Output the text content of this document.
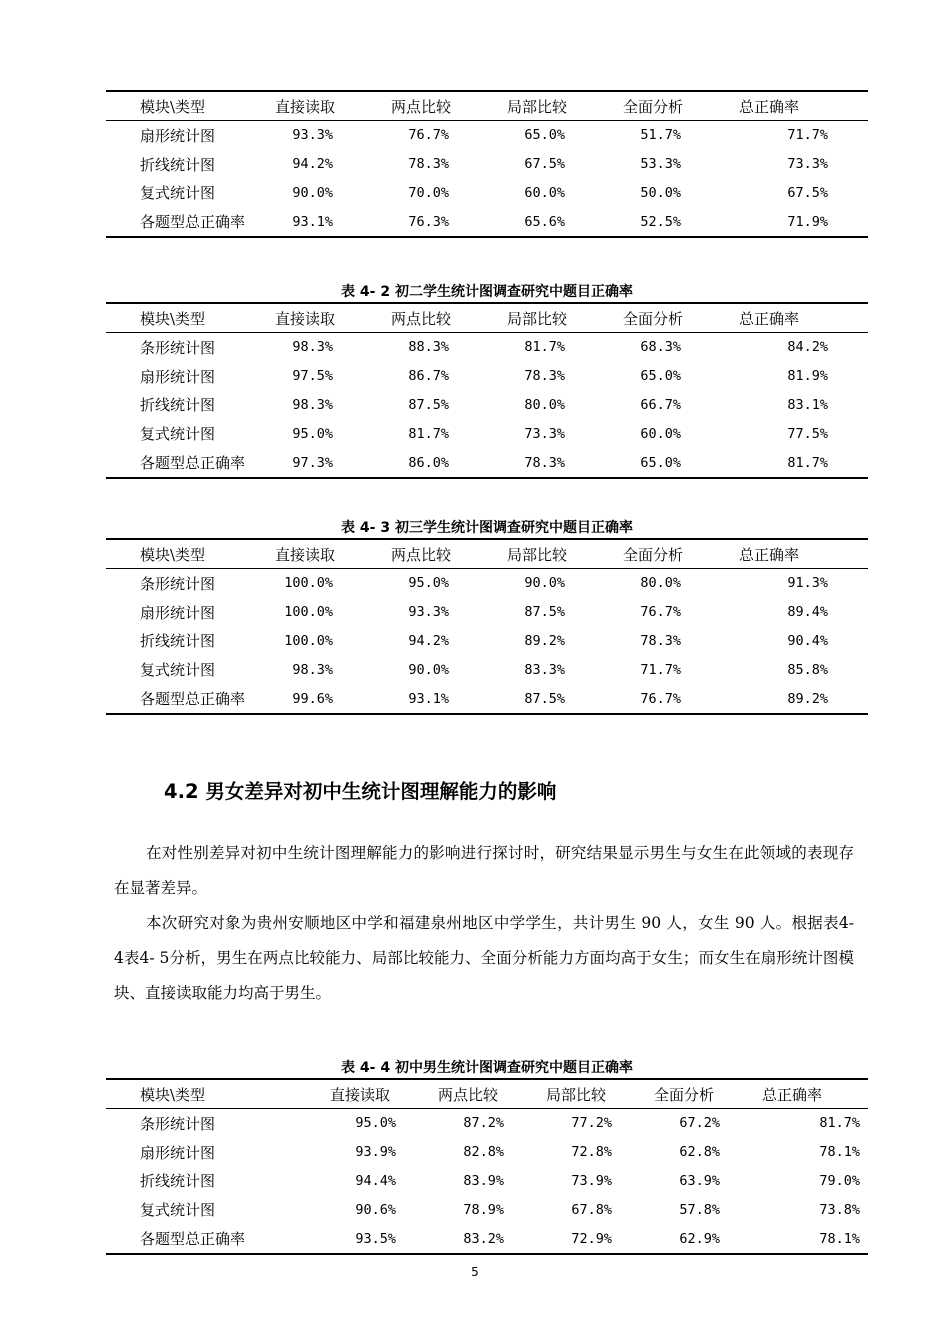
模块\类型	直接读取	两点比较	局部比较	全面分析	总正确率
扇形统计图	93.3%	76.7%	65.0%	51.7%	71.7%
折线统计图	94.2%	78.3%	67.5%	53.3%	73.3%
复式统计图	90.0%	70.0%	60.0%	50.0%	67.5%
各题型总正确率	93.1%	76.3%	65.6%	52.5%	71.9%
表 4- 2 初二学生统计图调查研究中题目正确率
模块\类型	直接读取	两点比较	局部比较	全面分析	总正确率
条形统计图	98.3%	88.3%	81.7%	68.3%	84.2%
扇形统计图	97.5%	86.7%	78.3%	65.0%	81.9%
折线统计图	98.3%	87.5%	80.0%	66.7%	83.1%
复式统计图	95.0%	81.7%	73.3%	60.0%	77.5%
各题型总正确率	97.3%	86.0%	78.3%	65.0%	81.7%
表 4- 3 初三学生统计图调查研究中题目正确率
模块\类型	直接读取	两点比较	局部比较	全面分析	总正确率
条形统计图	100.0%	95.0%	90.0%	80.0%	91.3%
扇形统计图	100.0%	93.3%	87.5%	76.7%	89.4%
折线统计图	100.0%	94.2%	89.2%	78.3%	90.4%
复式统计图	98.3%	90.0%	83.3%	71.7%	85.8%
各题型总正确率	99.6%	93.1%	87.5%	76.7%	89.2%
4.2 男女差异对初中生统计图理解能力的影响
在对性别差异对初中生统计图理解能力的影响进行探讨时，研究结果显示男生与女生在此领域的表现存在显著差异。
本次研究对象为贵州安顺地区中学和福建泉州地区中学学生，共计男生 90 人，女生 90 人。根据表4- 4表4- 5分析，男生在两点比较能力、局部比较能力、全面分析能力方面均高于女生；而女生在扇形统计图模块、直接读取能力均高于男生。
表 4- 4 初中男生统计图调查研究中题目正确率
模块\类型	直接读取	两点比较	局部比较	全面分析	总正确率
条形统计图	95.0%	87.2%	77.2%	67.2%	81.7%
扇形统计图	93.9%	82.8%	72.8%	62.8%	78.1%
折线统计图	94.4%	83.9%	73.9%	63.9%	79.0%
复式统计图	90.6%	78.9%	67.8%	57.8%	73.8%
各题型总正确率	93.5%	83.2%	72.9%	62.9%	78.1%
5
